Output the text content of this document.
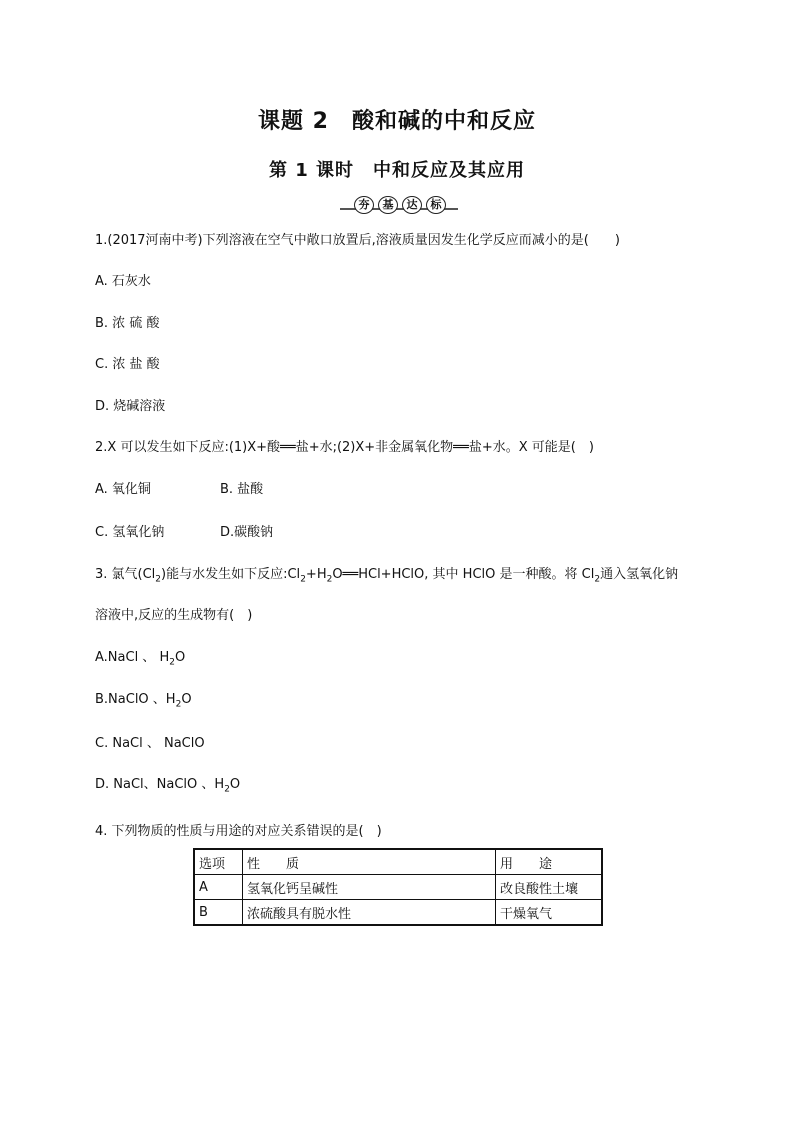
课题 2　酸和碱的中和反应
第 1 课时　中和反应及其应用
夯	基	达	标
1.(2017河南中考)下列溶液在空气中敞口放置后,溶液质量因发生化学反应而减小的是(　　)
A. 石灰水
B. 浓 硫 酸
C. 浓 盐 酸
D. 烧碱溶液
2.X 可以发生如下反应:(1)X+酸══盐+水;(2)X+非金属氧化物══盐+水。X 可能是(　)
A. 氧化铜	B. 盐酸
C. 氢氧化钠	D.碳酸钠
3. 氯气$(Cl_2)$能与水发生如下反应$:Cl_2+H_2O══HCl+HClO$, 其中 HClO 是一种酸。将 $Cl_2$通入氢氧化钠
溶液中,反应的生成物有(　)
A.NaCl 、 $H_2O$
B.NaClO 、$H_2O$
C. NaCl 、 NaClO
D. NaCl、NaClO 、$H_2O$
4. 下列物质的性质与用途的对应关系错误的是(　)
选项	性　　质	用　　途
A	氢氧化钙呈碱性	改良酸性土壤
B	浓硫酸具有脱水性	干燥氧气
